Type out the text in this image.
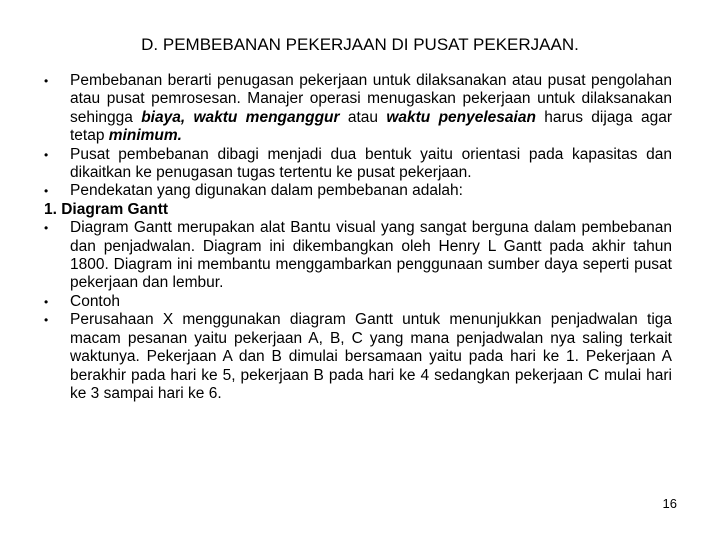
D. PEMBEBANAN PEKERJAAN DI PUSAT PEKERJAAN.
•	Pembebanan berarti penugasan pekerjaan untuk dilaksanakan atau pusat pengolahan atau pusat pemrosesan. Manajer operasi menugaskan pekerjaan untuk dilaksanakan sehingga biaya, waktu menganggur atau waktu penyelesaian harus dijaga agar tetap minimum.
•	Pusat pembebanan dibagi menjadi dua bentuk yaitu orientasi pada kapasitas dan dikaitkan ke penugasan tugas tertentu ke pusat pekerjaan.
•	Pendekatan yang digunakan dalam pembebanan adalah:
1. Diagram Gantt
•	Diagram Gantt merupakan alat Bantu visual yang sangat berguna dalam pembebanan dan penjadwalan. Diagram ini dikembangkan oleh Henry L Gantt pada akhir tahun 1800. Diagram ini membantu menggambarkan penggunaan sumber daya seperti pusat pekerjaan dan lembur.
•	Contoh
•	Perusahaan X menggunakan diagram Gantt untuk menunjukkan penjadwalan tiga macam pesanan yaitu pekerjaan A, B, C yang mana penjadwalan nya saling terkait waktunya. Pekerjaan A dan B dimulai bersamaan yaitu pada hari ke 1. Pekerjaan A berakhir pada hari ke 5, pekerjaan B pada hari ke 4 sedangkan pekerjaan C mulai hari ke 3 sampai hari ke 6.
16
